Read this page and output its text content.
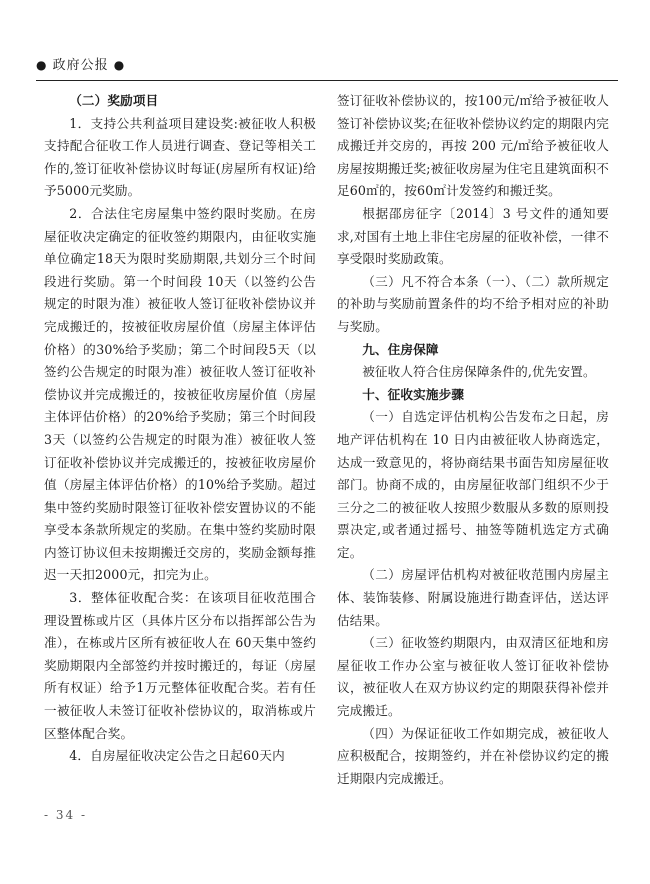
● 政府公报 ●
（二）奖励项目

1．支持公共利益项目建设奖:被征收人积极支持配合征收工作人员进行调查、登记等相关工作的,签订征收补偿协议时每证(房屋所有权证)给予5000元奖励。

2．合法住宅房屋集中签约限时奖励。在房屋征收决定确定的征收签约期限内，由征收实施单位确定18天为限时奖励期限,共划分三个时间段进行奖励。第一个时间段 10天（以签约公告规定的时限为准）被征收人签订征收补偿协议并完成搬迁的，按被征收房屋价值（房屋主体评估价格）的30%给予奖励；第二个时间段5天（以签约公告规定的时限为准）被征收人签订征收补偿协议并完成搬迁的，按被征收房屋价值（房屋主体评估价格）的20%给予奖励；第三个时间段3天（以签约公告规定的时限为准）被征收人签订征收补偿协议并完成搬迁的，按被征收房屋价值（房屋主体评估价格）的10%给予奖励。超过集中签约奖励时限签订征收补偿安置协议的不能享受本条款所规定的奖励。在集中签约奖励时限内签订协议但未按期搬迁交房的，奖励金额每推迟一天扣2000元，扣完为止。

3．整体征收配合奖：在该项目征收范围合理设置栋或片区（具体片区分布以指挥部公告为准），在栋或片区所有被征收人在 60天集中签约奖励期限内全部签约并按时搬迁的，每证（房屋所有权证）给予1万元整体征收配合奖。若有任一被征收人未签订征收补偿协议的，取消栋或片区整体配合奖。

4．自房屋征收决定公告之日起60天内

签订征收补偿协议的，按100元/㎡给予被征收人签订补偿协议奖;在征收补偿协议约定的期限内完成搬迁并交房的，再按 200 元/㎡给予被征收人房屋按期搬迁奖;被征收房屋为住宅且建筑面积不足60㎡的，按60㎡计发签约和搬迁奖。

根据邵房征字〔2014〕3 号文件的通知要求,对国有土地上非住宅房屋的征收补偿，一律不享受限时奖励政策。

（三）凡不符合本条（一）、（二）款所规定的补助与奖励前置条件的均不给予相对应的补助与奖励。

九、住房保障

被征收人符合住房保障条件的,优先安置。

十、征收实施步骤

（一）自选定评估机构公告发布之日起，房地产评估机构在 10 日内由被征收人协商选定，达成一致意见的，将协商结果书面告知房屋征收部门。协商不成的，由房屋征收部门组织不少于三分之二的被征收人按照少数服从多数的原则投票决定,或者通过摇号、抽签等随机选定方式确定。

（二）房屋评估机构对被征收范围内房屋主体、装饰装修、附属设施进行勘查评估，送达评估结果。

（三）征收签约期限内，由双清区征地和房屋征收工作办公室与被征收人签订征收补偿协议，被征收人在双方协议约定的期限获得补偿并完成搬迁。

（四）为保证征收工作如期完成，被征收人应积极配合，按期签约，并在补偿协议约定的搬迁期限内完成搬迁。

- 34 -
